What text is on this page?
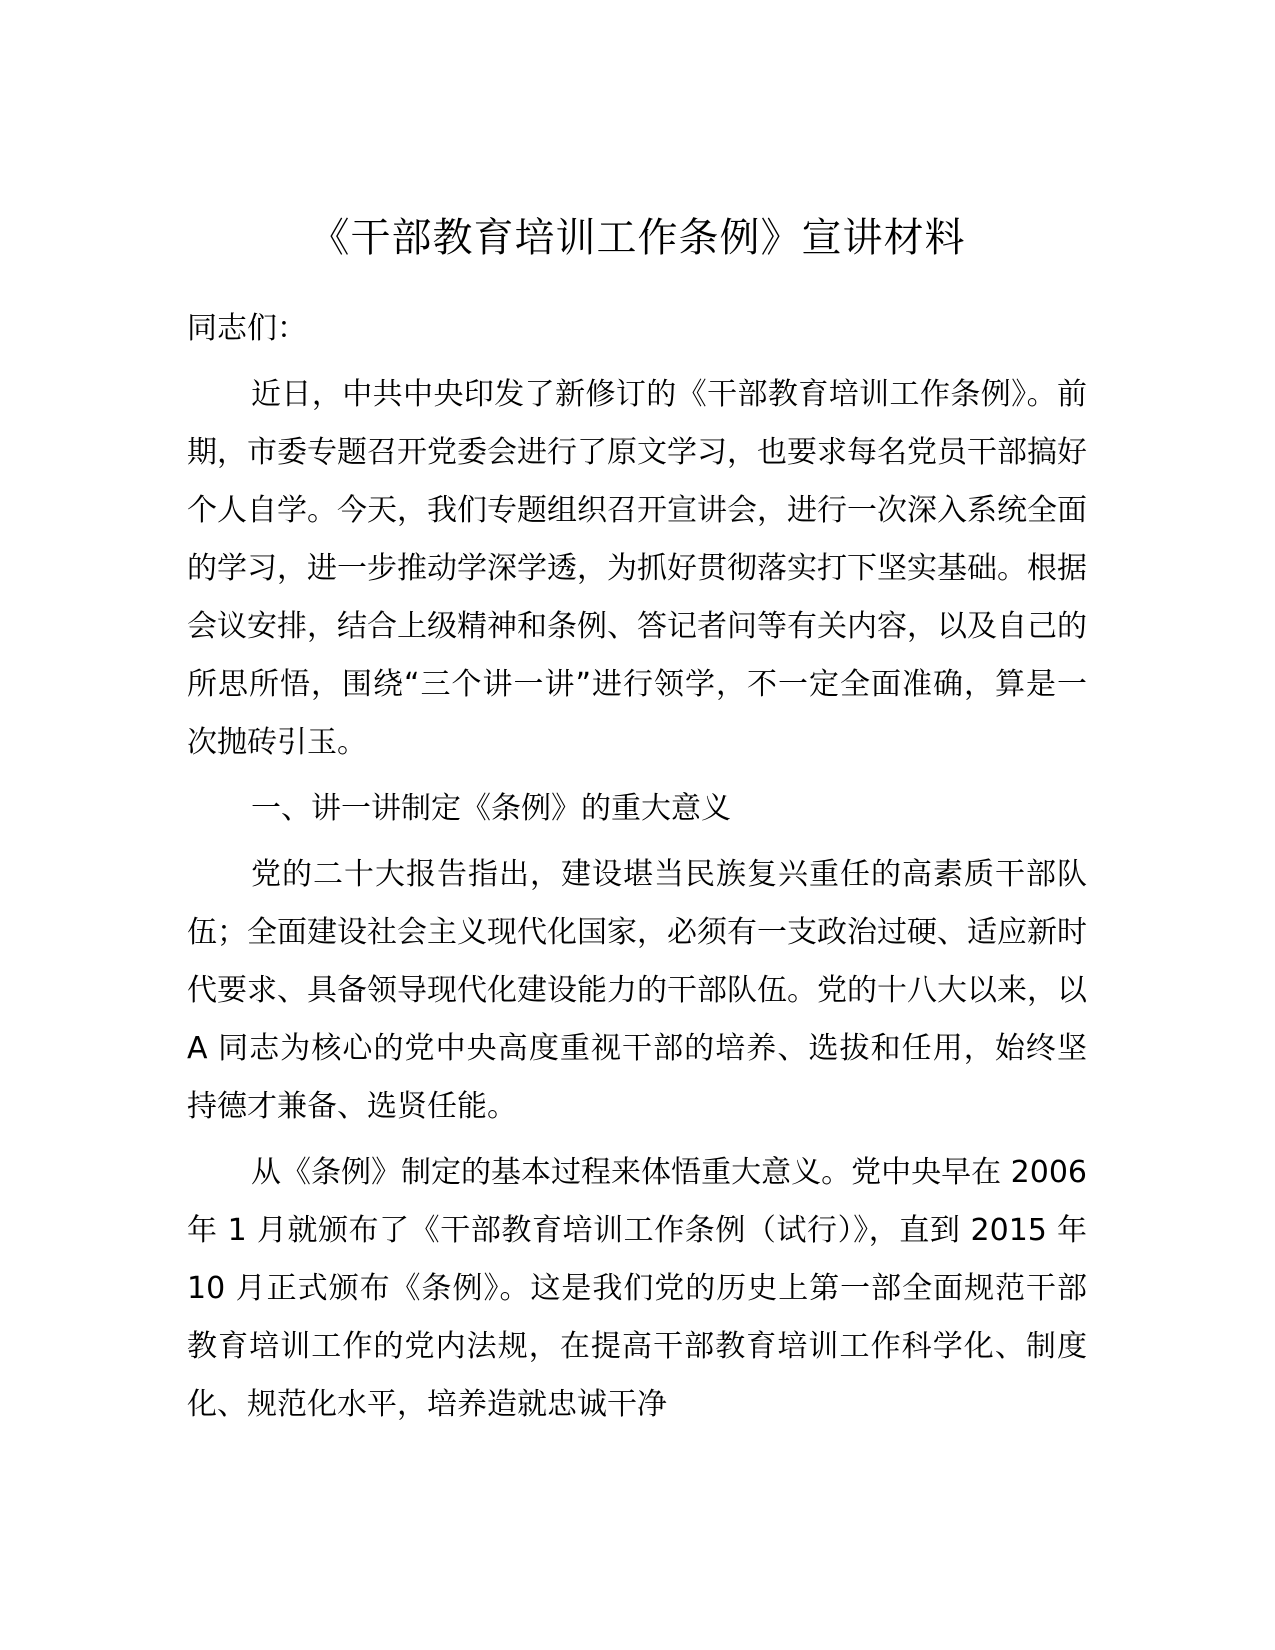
《干部教育培训工作条例》宣讲材料

同志们：

近日，中共中央印发了新修订的《干部教育培训工作条例》。前期，市委专题召开党委会进行了原文学习，也要求每名党员干部搞好个人自学。今天，我们专题组织召开宣讲会，进行一次深入系统全面的学习，进一步推动学深学透，为抓好贯彻落实打下坚实基础。根据会议安排，结合上级精神和条例、答记者问等有关内容，以及自己的所思所悟，围绕“三个讲一讲”进行领学，不一定全面准确，算是一次抛砖引玉。

一、讲一讲制定《条例》的重大意义

党的二十大报告指出，建设堪当民族复兴重任的高素质干部队伍；全面建设社会主义现代化国家，必须有一支政治过硬、适应新时代要求、具备领导现代化建设能力的干部队伍。党的十八大以来，以 A 同志为核心的党中央高度重视干部的培养、选拔和任用，始终坚持德才兼备、选贤任能。

从《条例》制定的基本过程来体悟重大意义。党中央早在 2006 年 1 月就颁布了《干部教育培训工作条例（试行）》，直到 2015 年 10 月正式颁布《条例》。这是我们党的历史上第一部全面规范干部教育培训工作的党内法规，在提高干部教育培训工作科学化、制度化、规范化水平，培养造就忠诚干净
